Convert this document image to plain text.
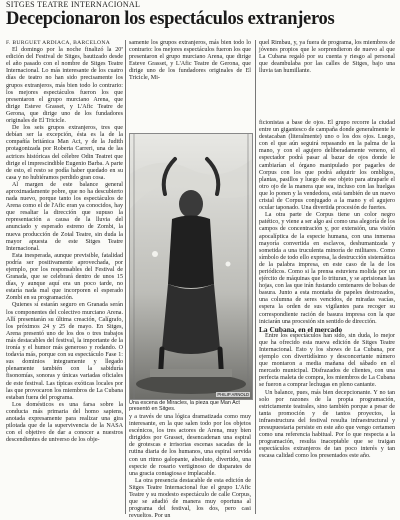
SITGES TEATRE INTERNACIONAL
Decepcionaron los espectáculos extranjeros

F. BURGUET ARDIACA, BARCELONA

El domingo por la noche finalizó la 20ª edición del Festival de Sitges, bautizado desde el año pasado con el nombre de Sitges Teatre Internacional. Lo más interesante de los cuatro días de teatro no han sido precisamente los grupos extranjeros, más bien todo lo contrario: los mejores espectáculos fueron los que presentaron el grupo murciano Arena, que dirige Esteve Grasset, y L'Afic Teatre de Gerona, que dirige uno de los fundadores originales de El Tricicle.

De los seis grupos extranjeros, tres que debían ser la excepción, ésta es la de la compañía británica Man Act, y de la Judith protagonizada por Roberta Carreri, una de las actrices históricas del célebre Odin Teatret que dirige el imprescindible Eugenio Barba. A parte de esto, el resto se podía haber quedado en su casa y no hubiéramos perdido gran cosa.

Al margen de este balance general aproximadamente pobre, que no ha descubierto nada nuevo, porque tanto los espectáculos de Arena como el de l'Afic eran ya conocidos, hay que resaltar la dirección que supuso la representación a causa de la lluvia del anunciado y esperado estreno de Zombi, la nueva producción de Zotal Teatre, sin duda la mayor apuesta de este Sitges Teatre Internacional.

Esta inesperada, aunque previsible, fatalidad podría ser positivamente aprovechada, por ejemplo, por los responsables del Festival de Granada, que se celebrará dentro de unos 15 días, y aunque aquí era un poco tarde, no estaría nada mal que incorporen el esperado Zombi en su programación.

Quienes sí estarán seguro en Granada serán los componentes del colectivo murciano Arena. Allí presentarán su última creación, Calígrafo, los próximos 24 y 25 de mayo. En Sitges, Arena presentó uno de los dos o tres trabajos más destacables del festival, la importante de la ironía y el humor más generoso y rodando. O todavía más, porque con su espectáculo Fase 1: sus dominios integramente y llegado plenamente también con la sabiduría fisonomías, sonoras y únicas variadas oficiales de este festival. Las típicas exóticas locales por las que provocaron los miembros de La Cubana estaban fuera del programa.

Los domésticos es una farsa sobre la conducta más primaria del homo sapiens, anotada expresamente para realizar una gira pilotada que de la supervivencia de la NASA con el objetivo de dar a conocer a nuestros descendientes de universo de los obje-

samente los grupos extranjeros, más bien todo lo contrario: los mejores espectáculos fueron los que presentaron el grupo murciano Arena, que dirige Esteve Grasset, y L'Afic Teatre de Gerona, que dirige uno de los fundadores originales de El Tricicle, Mi-

quel Rimbau, y, ya fuera de programa, los miembros de jóvenes propios que le sorprendieron de nuevo al que La Cubana regaló por su cuenta y riesgo al personal que deambulaba por las calles de Sitges, bajo una lluvia tan humillante.

PHILIP ARNOLD
Una escena de Miracles, la pieza que Man Act presentó en Sitges.

y a través de una lógica dramatizada como muy interesante, en la que salen todo por los objetos escénicos, los tres actores de Arena, muy bien dirigidos por Grasset, desencadenan una espiral de grotescas e irrisorias escenas sacadas de la rutina diaria de los humanos, una espiral servida con un ritmo galopante, absoluto, divertido, una especie de rosario vertiginoso de disparates de una gracia contagiosa e implacable.

La otra presencia destacable de esta edición de Sitges Teatre Internacional fue el grupo L'Afic Teatre y su modesto espectáculo de calle Corpus, que se añadió de manera muy oportuna al programa del festival, los dos, pero casi revueltos. Por un

ficionistas a base de ojos. El grupo recorre la ciudad entre un gigantesco de campaña donde generalmente le destacaban (literalmente) uno o los dos ojos. Luego, con el que aún seguirá repasando en la palma de la mano, y con el agujero deliberadamente veneno, el espectador podrá pasar al bazar de ojos donde le cambiarían el órgano manipulado por pagarles de Corpus con los que podrá adquirir los ombligos, plantas, pasillos y luego de ese objeto para atraparle el otro ojo de la manera que sea, incluso con las huelgas que lo ponen y la vendedora, está también de un nuevo cristal de Corpus conjugado a la mano y el agujero ocular taponado. Una divertida procesión de fuertes.

La otra parte de Corpus tiene un color negro patético, y viene a ser algo así como una alegoría de los campos de concentración y, por extensión, una visión apocalíptica de la especie humana, con una inmensa mayoría convertida en esclavos, deshumanizada y sometida a una truculenta minoría de militares. Como símbolo de todo ello expresa, la destrucción sistemática de la palabra impresa, en este caso de la de los periódicos. Como si la prensa estuviera molida por un ejército de máquinas que lo trituran, y se aprisionan las hojas, con las que irán fustando centenares de bolsas de basura. Junto a esta montaña de papeles destrozados, una columna de seres vencidos, de miradas vacías, espera la orden de sus vigilantes para recoger su correspondiente ración de basura impresa con la que iniciarán una procesión sin sentido de dirección.

La Cubana, en el mercado

Entre los espectáculos han sido, sin duda, lo mejor que ha ofrecido esta nueva edición de Sitges Teatre Internacional. Esto y los shows de La Cubana, por ejemplo con divertidísimo y desconcertante número que montaron a media mañana del sábado en el mercado municipal. Disfrazados de clientes, con una perfecta maleta de compra, los miembros de La Cubana se fueron a comprar lechugas en pleno cantante.

Un balance, pues, más bien decepcionante. Y no tan solo por razones de la propia programación, estrictamente teatrales, sino también porque a pesar de tanta promoción y de tantos proyectos, la infraestructura del festival resulta infraestructural y presupuestaria persiste en este año que vengo certamen como una referencia habitual. Por lo que respecta a la programación, resulta inaceptable que se traigan espectáculos extranjeros de tan poco interés y tan escasa calidad como los presentados este año.
